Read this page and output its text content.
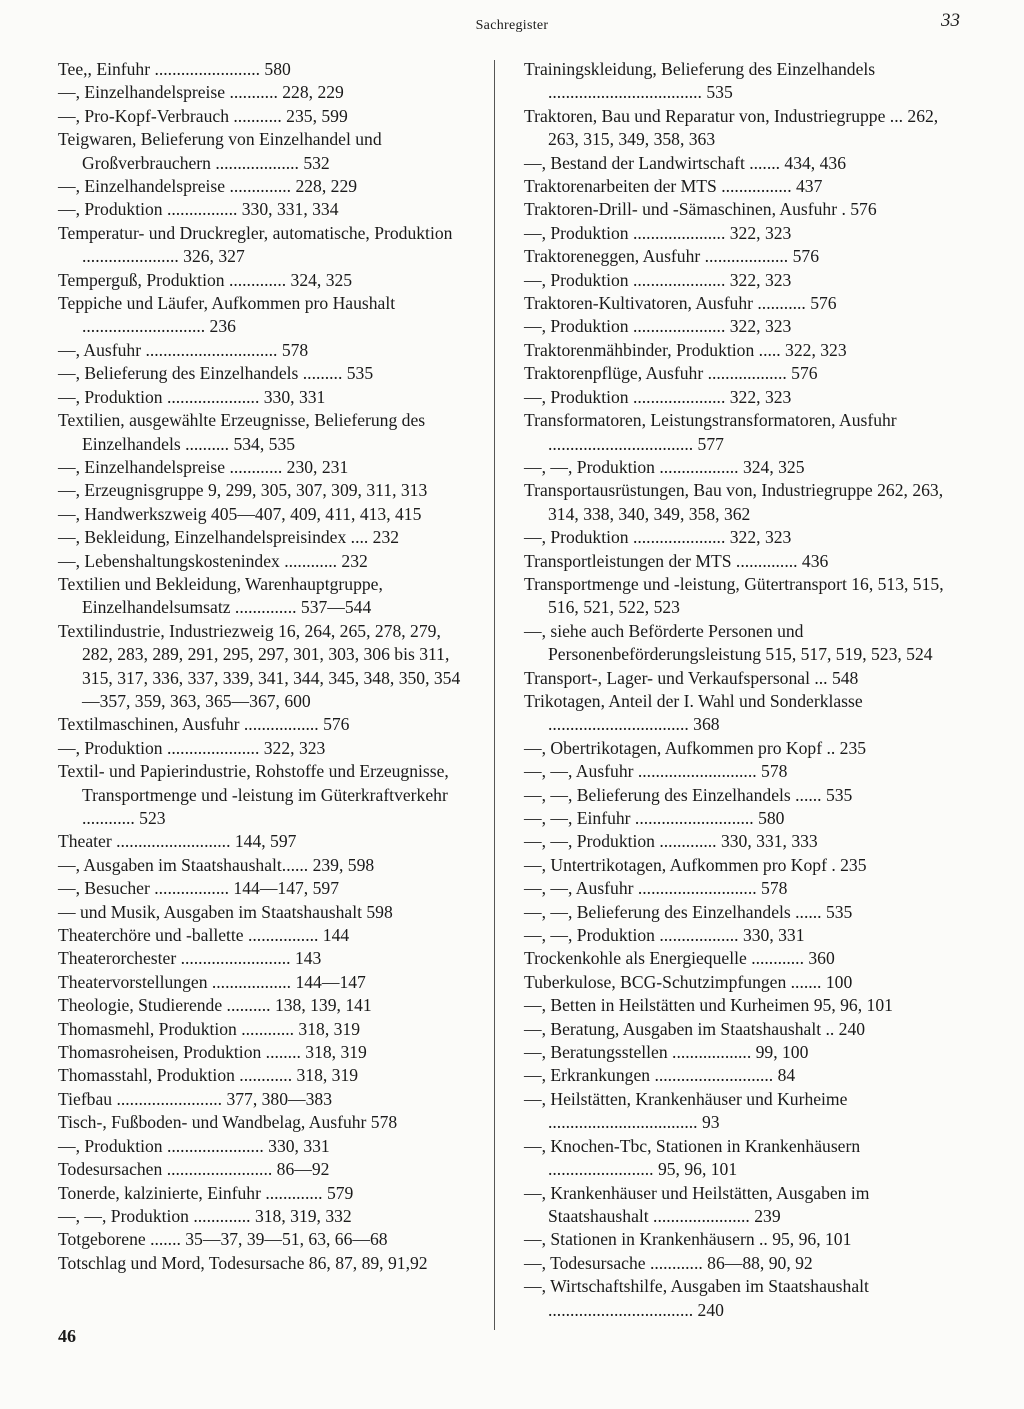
Sachregister	33

Tee,, Einfuhr ........................ 580

—, Einzelhandelspreise ........... 228, 229

—, Pro-Kopf-Verbrauch ........... 235, 599

Teigwaren, Belieferung von Einzelhandel und Großverbrauchern ................... 532

—, Einzelhandelspreise .............. 228, 229

—, Produktion ................ 330, 331, 334

Temperatur- und Druckregler, automatische, Produktion ...................... 326, 327

Temperguß, Produktion ............. 324, 325

Teppiche und Läufer, Aufkommen pro Haushalt ............................ 236

—, Ausfuhr .............................. 578

—, Belieferung des Einzelhandels ......... 535

—, Produktion ..................... 330, 331

Textilien, ausgewählte Erzeugnisse, Belieferung des Einzelhandels .......... 534, 535

—, Einzelhandelspreise ............ 230, 231

—, Erzeugnisgruppe 9, 299, 305, 307, 309, 311, 313

—, Handwerkszweig 405—407, 409, 411, 413, 415

—, Bekleidung, Einzelhandelspreisindex .... 232

—, Lebenshaltungskostenindex ............ 232

Textilien und Bekleidung, Warenhauptgruppe, Einzelhandelsumsatz .............. 537—544

Textilindustrie, Industriezweig 16, 264, 265, 278, 279, 282, 283, 289, 291, 295, 297, 301, 303, 306 bis 311, 315, 317, 336, 337, 339, 341, 344, 345, 348, 350, 354—357, 359, 363, 365—367, 600

Textilmaschinen, Ausfuhr ................. 576

—, Produktion ..................... 322, 323

Textil- und Papierindustrie, Rohstoffe und Erzeugnisse, Transportmenge und -leistung im Güterkraftverkehr ............ 523

Theater .......................... 144, 597

—, Ausgaben im Staatshaushalt...... 239, 598

—, Besucher ................. 144—147, 597

— und Musik, Ausgaben im Staatshaushalt 598

Theaterchöre und -ballette ................ 144

Theaterorchester ......................... 143

Theatervorstellungen .................. 144—147

Theologie, Studierende .......... 138, 139, 141

Thomasmehl, Produktion ............ 318, 319

Thomasroheisen, Produktion ........ 318, 319

Thomasstahl, Produktion ............ 318, 319

Tiefbau ........................ 377, 380—383

Tisch-, Fußboden- und Wandbelag, Ausfuhr 578

—, Produktion ...................... 330, 331

Todesursachen ........................ 86—92

Tonerde, kalzinierte, Einfuhr ............. 579

—, —, Produktion ............. 318, 319, 332

Totgeborene ....... 35—37, 39—51, 63, 66—68

Totschlag und Mord, Todesursache 86, 87, 89, 91,92

Trainingskleidung, Belieferung des Einzelhandels ................................... 535

Traktoren, Bau und Reparatur von, Industriegruppe ... 262, 263, 315, 349, 358, 363

—, Bestand der Landwirtschaft ....... 434, 436

Traktorenarbeiten der MTS ................ 437

Traktoren-Drill- und -Sämaschinen, Ausfuhr . 576

—, Produktion ..................... 322, 323

Traktoreneggen, Ausfuhr ................... 576

—, Produktion ..................... 322, 323

Traktoren-Kultivatoren, Ausfuhr ........... 576

—, Produktion ..................... 322, 323

Traktorenmähbinder, Produktion ..... 322, 323

Traktorenpflüge, Ausfuhr .................. 576

—, Produktion ..................... 322, 323

Transformatoren, Leistungstransformatoren, Ausfuhr ................................. 577

—, —, Produktion .................. 324, 325

Transportausrüstungen, Bau von, Industriegruppe 262, 263, 314, 338, 340, 349, 358, 362

—, Produktion ..................... 322, 323

Transportleistungen der MTS .............. 436

Transportmenge und -leistung, Gütertransport 16, 513, 515, 516, 521, 522, 523

—, siehe auch Beförderte Personen und Personenbeförderungsleistung 515, 517, 519, 523, 524

Transport-, Lager- und Verkaufspersonal ... 548

Trikotagen, Anteil der I. Wahl und Sonderklasse ................................ 368

—, Obertrikotagen, Aufkommen pro Kopf .. 235

—, —, Ausfuhr ........................... 578

—, —, Belieferung des Einzelhandels ...... 535

—, —, Einfuhr ........................... 580

—, —, Produktion ............. 330, 331, 333

—, Untertrikotagen, Aufkommen pro Kopf . 235

—, —, Ausfuhr ........................... 578

—, —, Belieferung des Einzelhandels ...... 535

—, —, Produktion .................. 330, 331

Trockenkohle als Energiequelle ............ 360

Tuberkulose, BCG-Schutzimpfungen ....... 100

—, Betten in Heilstätten und Kurheimen 95, 96, 101

—, Beratung, Ausgaben im Staatshaushalt .. 240

—, Beratungsstellen .................. 99, 100

—, Erkrankungen ........................... 84

—, Heilstätten, Krankenhäuser und Kurheime .................................. 93

—, Knochen-Tbc, Stationen in Krankenhäusern ........................ 95, 96, 101

—, Krankenhäuser und Heilstätten, Ausgaben im Staatshaushalt ...................... 239

—, Stationen in Krankenhäusern .. 95, 96, 101

—, Todesursache ............ 86—88, 90, 92

—, Wirtschaftshilfe, Ausgaben im Staatshaushalt ................................. 240

46
